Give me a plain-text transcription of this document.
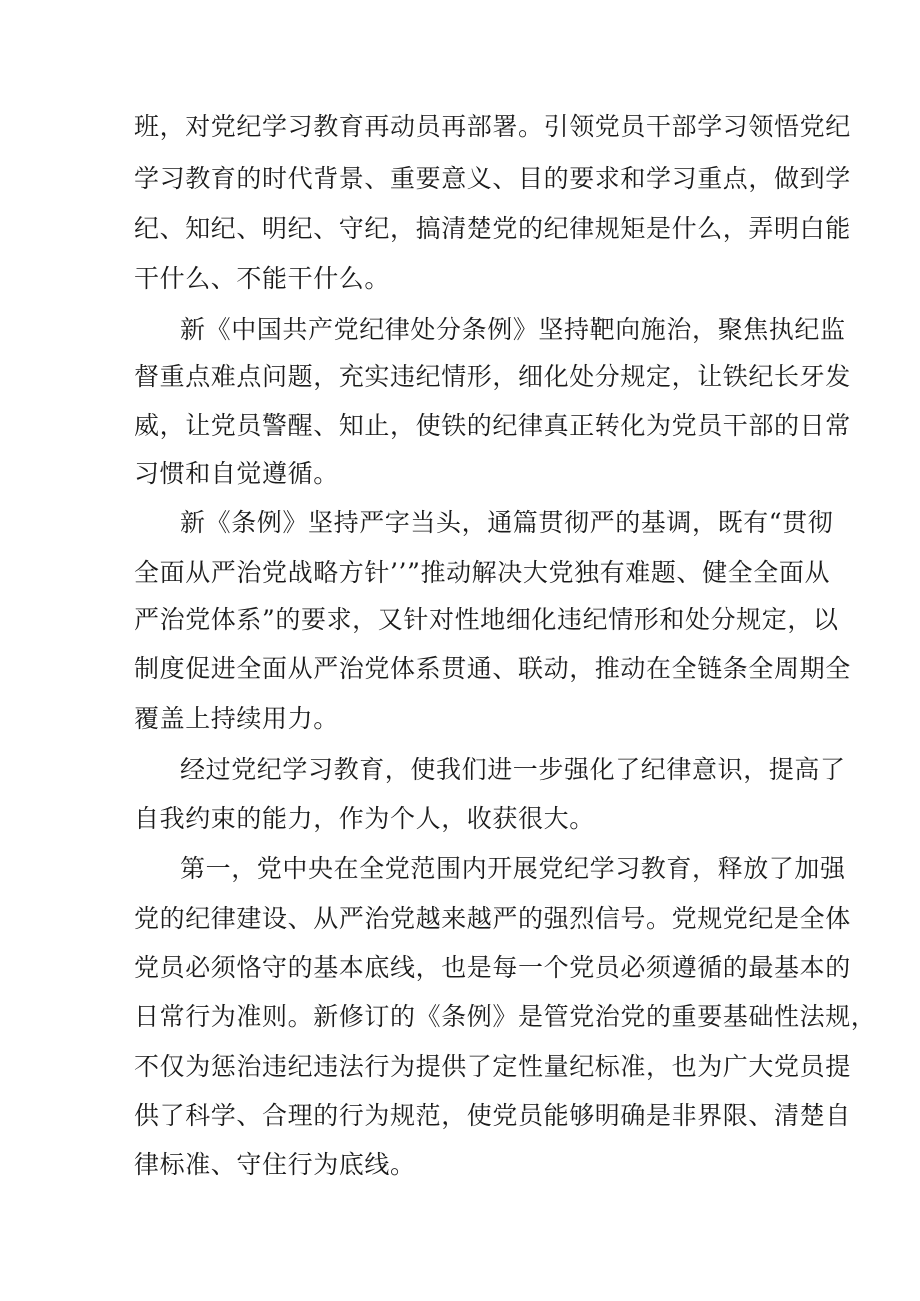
班，对党纪学习教育再动员再部署。引领党员干部学习领悟党纪
学习教育的时代背景、重要意义、目的要求和学习重点，做到学
纪、知纪、明纪、守纪，搞清楚党的纪律规矩是什么，弄明白能
干什么、不能干什么。
新《中国共产党纪律处分条例》坚持靶向施治，聚焦执纪监
督重点难点问题，充实违纪情形，细化处分规定，让铁纪长牙发
威，让党员警醒、知止，使铁的纪律真正转化为党员干部的日常
习惯和自觉遵循。
新《条例》坚持严字当头，通篇贯彻严的基调，既有“贯彻
全面从严治党战略方针’’”推动解决大党独有难题、健全全面从
严治党体系”的要求，又针对性地细化违纪情形和处分规定，以
制度促进全面从严治党体系贯通、联动，推动在全链条全周期全
覆盖上持续用力。
经过党纪学习教育，使我们进一步强化了纪律意识，提高了
自我约束的能力，作为个人，收获很大。
第一，党中央在全党范围内开展党纪学习教育，释放了加强
党的纪律建设、从严治党越来越严的强烈信号。党规党纪是全体
党员必须恪守的基本底线，也是每一个党员必须遵循的最基本的
日常行为准则。新修订的《条例》是管党治党的重要基础性法规，
不仅为惩治违纪违法行为提供了定性量纪标准，也为广大党员提
供了科学、合理的行为规范，使党员能够明确是非界限、清楚自
律标准、守住行为底线。
